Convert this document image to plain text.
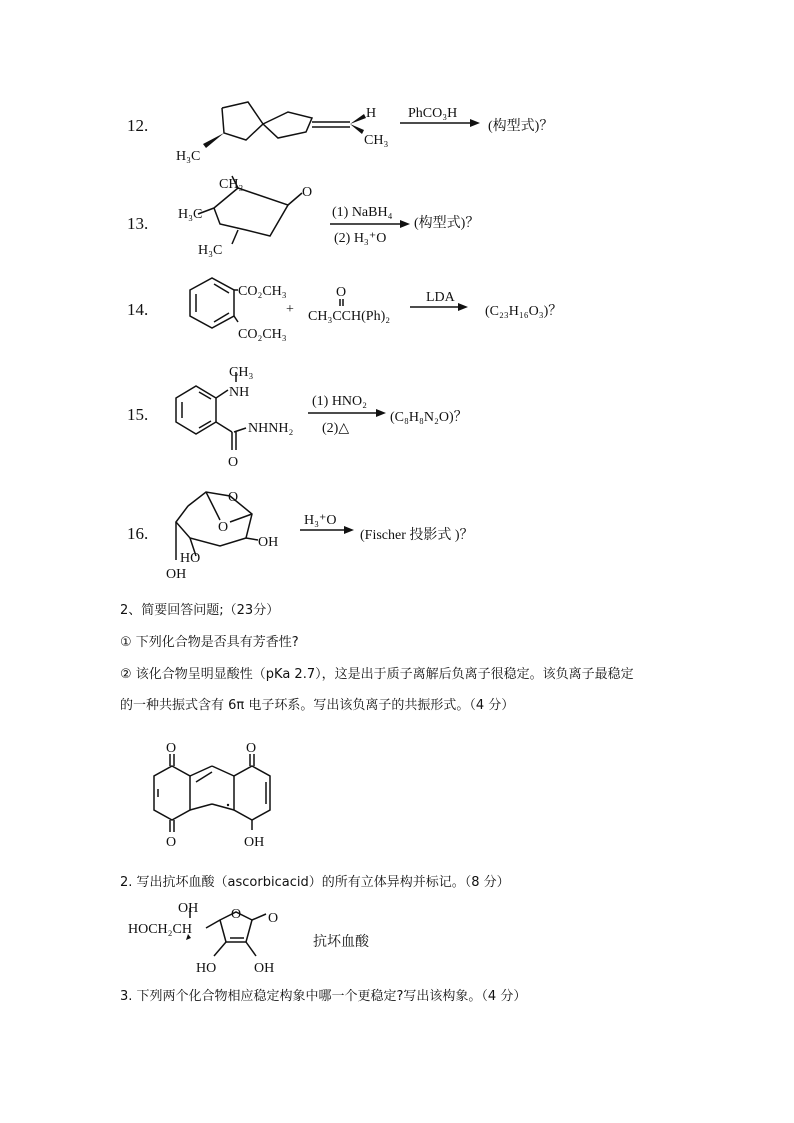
12.
H
CH₃
H₃C
PhCO₃H
(构型式)？
13.
CH₃
H₃C
H₃C
O
(1) NaBH₄
(2) H₃⁺O
(构型式)？
14.
CO₂CH₃
CO₂CH₃
+
O
CH₃CCH(Ph)₂
LDA
(C₂₃H₁₆O₃)？
15.
CH₃
NH
NHNH₂
O
(1) HNO₂
(2)△
(C₈H₈N₂O)？
16.
O
O
OH
HO
OH
H₃⁺O
(Fischer 投影式 )？
2、简要回答问题;（23分）
① 下列化合物是否具有芳香性?
② 该化合物呈明显酸性（pKa 2.7），这是出于质子离解后负离子很稳定。该负离子最稳定
的一种共振式含有 6π 电子环系。写出该负离子的共振形式。（4 分）
O	O
O	OH
2. 写出抗坏血酸（ascorbicacid）的所有立体异构并标记。（8 分）
OH
HOCH₂CH
O O
HO	OH
抗坏血酸
3. 下列两个化合物相应稳定构象中哪一个更稳定?写出该构象。（4 分）
